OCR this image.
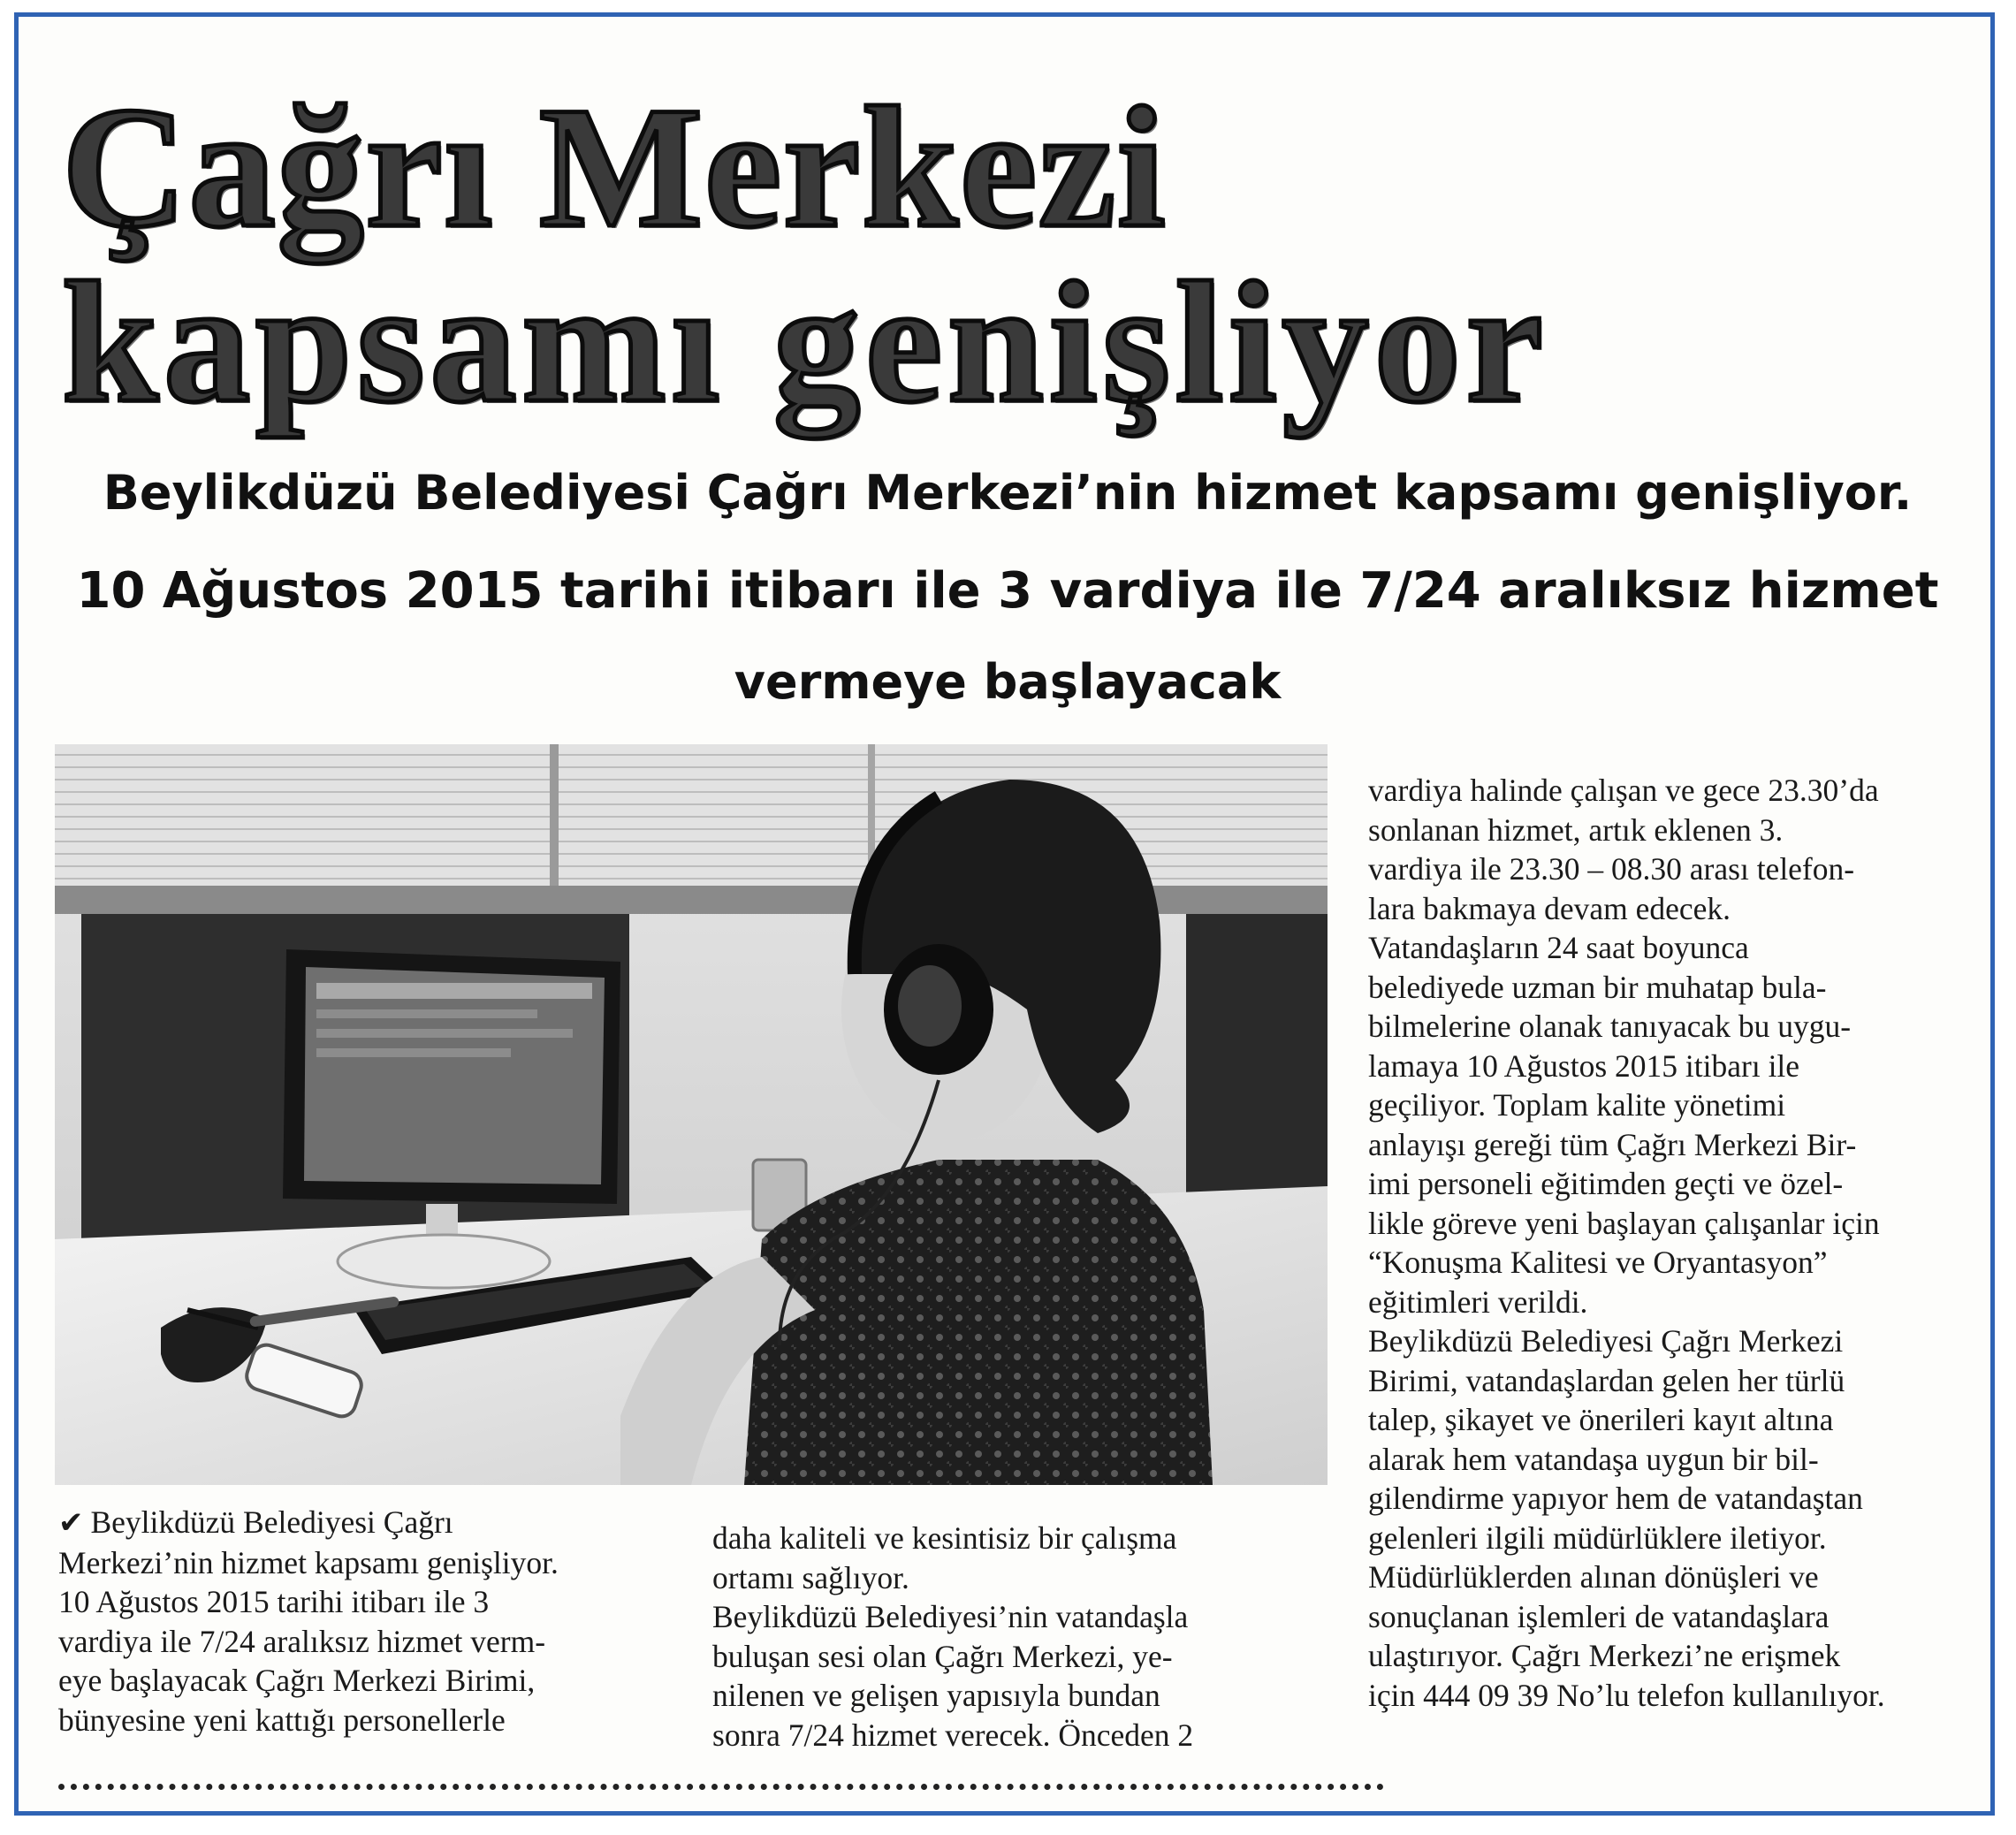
Çağrı Merkezi
kapsamı genişliyor

Beylikdüzü Belediyesi Çağrı Merkezi’nin hizmet kapsamı genişliyor.

10 Ağustos 2015 tarihi itibarı ile 3 vardiya ile 7/24 aralıksız hizmet

vermeye başlayacak

✔ Beylikdüzü Belediyesi Çağrı

Merkezi’nin hizmet kapsamı genişliyor.

10 Ağustos 2015 tarihi itibarı ile 3

vardiya ile 7/24 aralıksız hizmet verm-

eye başlayacak Çağrı Merkezi Birimi,

bünyesine yeni kattığı personellerle

daha kaliteli ve kesintisiz bir çalışma

ortamı sağlıyor.

Beylikdüzü Belediyesi’nin vatandaşla

buluşan sesi olan Çağrı Merkezi, ye-

nilenen ve gelişen yapısıyla bundan

sonra 7/24 hizmet verecek. Önceden 2

vardiya halinde çalışan ve gece 23.30’da

sonlanan hizmet, artık eklenen 3.

vardiya ile 23.30 – 08.30 arası telefon-

lara bakmaya devam edecek.

Vatandaşların 24 saat boyunca

belediyede uzman bir muhatap bula-

bilmelerine olanak tanıyacak bu uygu-

lamaya 10 Ağustos 2015 itibarı ile

geçiliyor. Toplam kalite yönetimi

anlayışı gereği tüm Çağrı Merkezi Bir-

imi personeli eğitimden geçti ve özel-

likle göreve yeni başlayan çalışanlar için

“Konuşma Kalitesi ve Oryantasyon”

eğitimleri verildi.

Beylikdüzü Belediyesi Çağrı Merkezi

Birimi, vatandaşlardan gelen her türlü

talep, şikayet ve önerileri kayıt altına

alarak hem vatandaşa uygun bir bil-

gilendirme yapıyor hem de vatandaştan

gelenleri ilgili müdürlüklere iletiyor.

Müdürlüklerden alınan dönüşleri ve

sonuçlanan işlemleri de vatandaşlara

ulaştırıyor. Çağrı Merkezi’ne erişmek

için 444 09 39 No’lu telefon kullanılıyor.
